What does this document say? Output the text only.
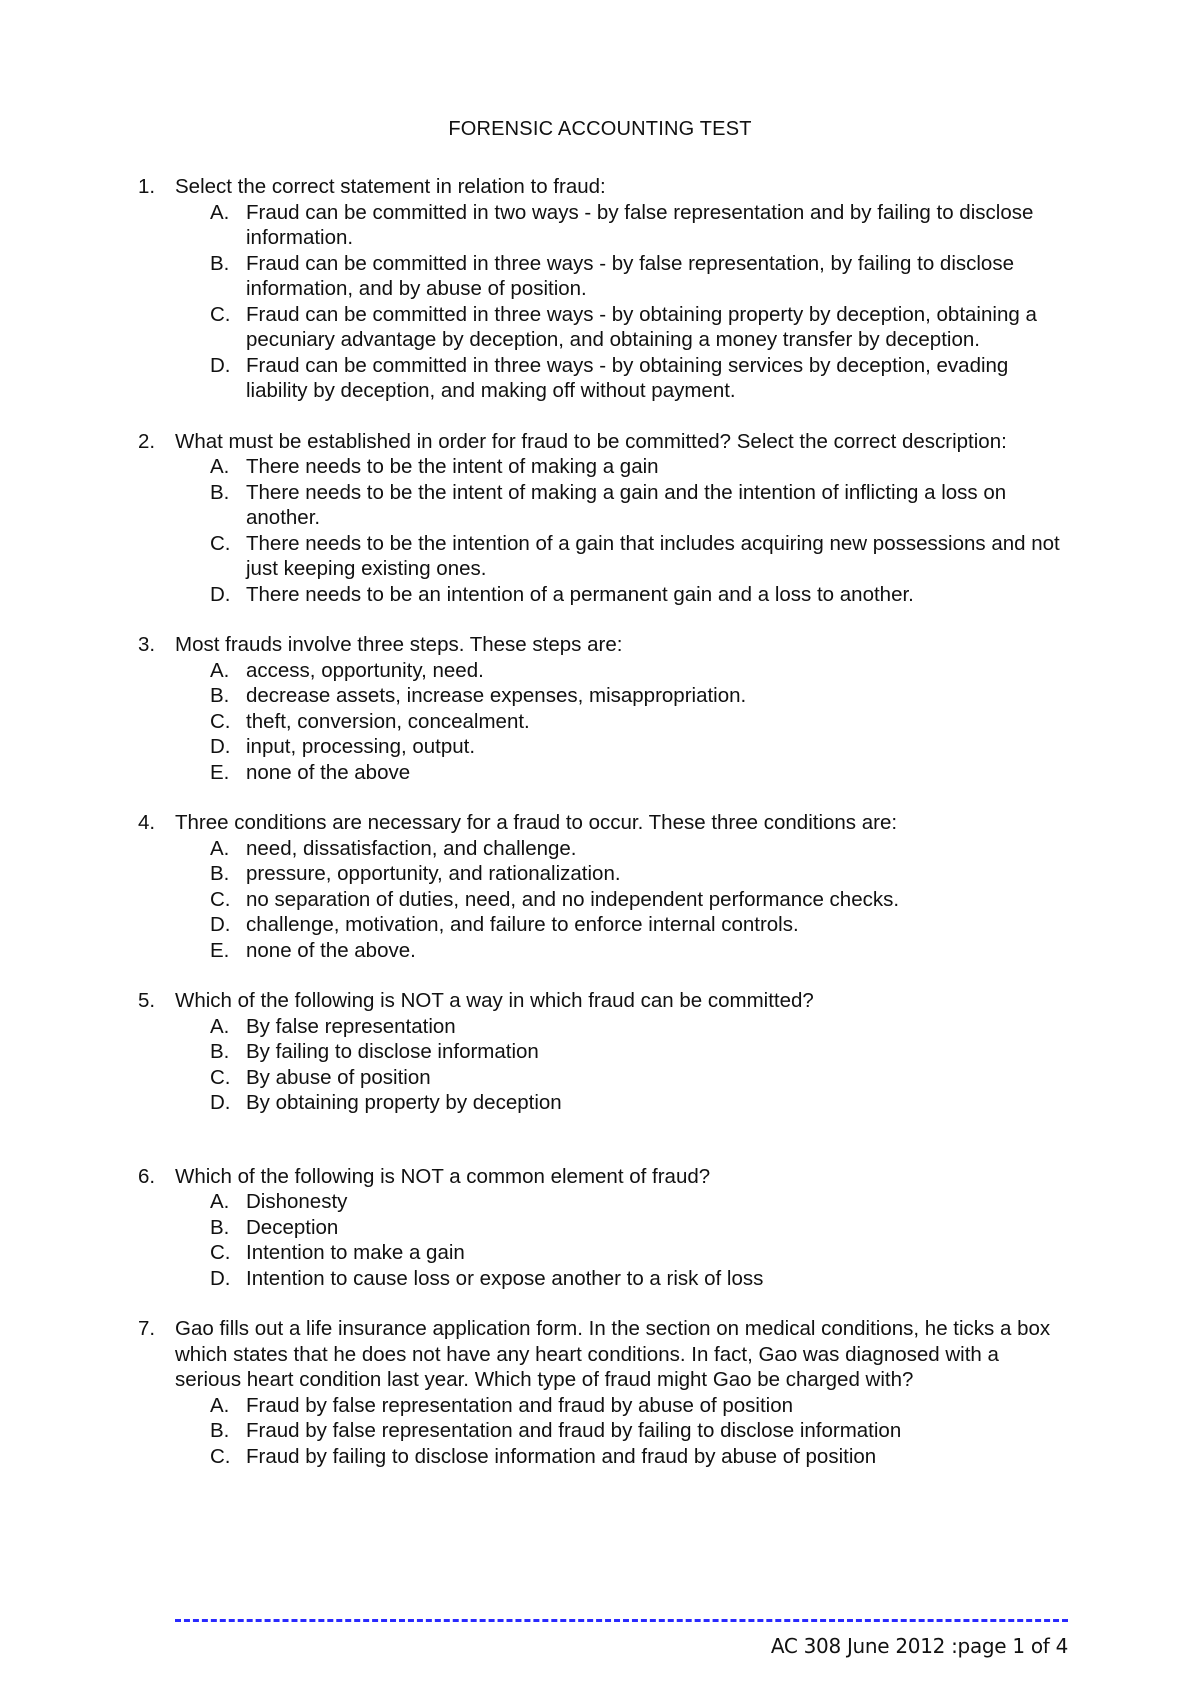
FORENSIC ACCOUNTING TEST
1. Select the correct statement in relation to fraud:
A. Fraud can be committed in two ways - by false representation and by failing to disclose information.
B. Fraud can be committed in three ways - by false representation, by failing to disclose information, and by abuse of position.
C. Fraud can be committed in three ways - by obtaining property by deception, obtaining a pecuniary advantage by deception, and obtaining a money transfer by deception.
D. Fraud can be committed in three ways - by obtaining services by deception, evading liability by deception, and making off without payment.
2. What must be established in order for fraud to be committed? Select the correct description:
A. There needs to be the intent of making a gain
B. There needs to be the intent of making a gain and the intention of inflicting a loss on another.
C. There needs to be the intention of a gain that includes acquiring new possessions and not just keeping existing ones.
D. There needs to be an intention of a permanent gain and a loss to another.
3. Most frauds involve three steps. These steps are:
A. access, opportunity, need.
B. decrease assets, increase expenses, misappropriation.
C. theft, conversion, concealment.
D. input, processing, output.
E. none of the above
4. Three conditions are necessary for a fraud to occur. These three conditions are:
A. need, dissatisfaction, and challenge.
B. pressure, opportunity, and rationalization.
C. no separation of duties, need, and no independent performance checks.
D. challenge, motivation, and failure to enforce internal controls.
E. none of the above.
5. Which of the following is NOT a way in which fraud can be committed?
A. By false representation
B. By failing to disclose information
C. By abuse of position
D. By obtaining property by deception
6. Which of the following is NOT a common element of fraud?
A. Dishonesty
B. Deception
C. Intention to make a gain
D. Intention to cause loss or expose another to a risk of loss
7. Gao fills out a life insurance application form. In the section on medical conditions, he ticks a box which states that he does not have any heart conditions. In fact, Gao was diagnosed with a serious heart condition last year. Which type of fraud might Gao be charged with?
A. Fraud by false representation and fraud by abuse of position
B. Fraud by false representation and fraud by failing to disclose information
C. Fraud by failing to disclose information and fraud by abuse of position
AC 308 June 2012 :page 1 of 4
